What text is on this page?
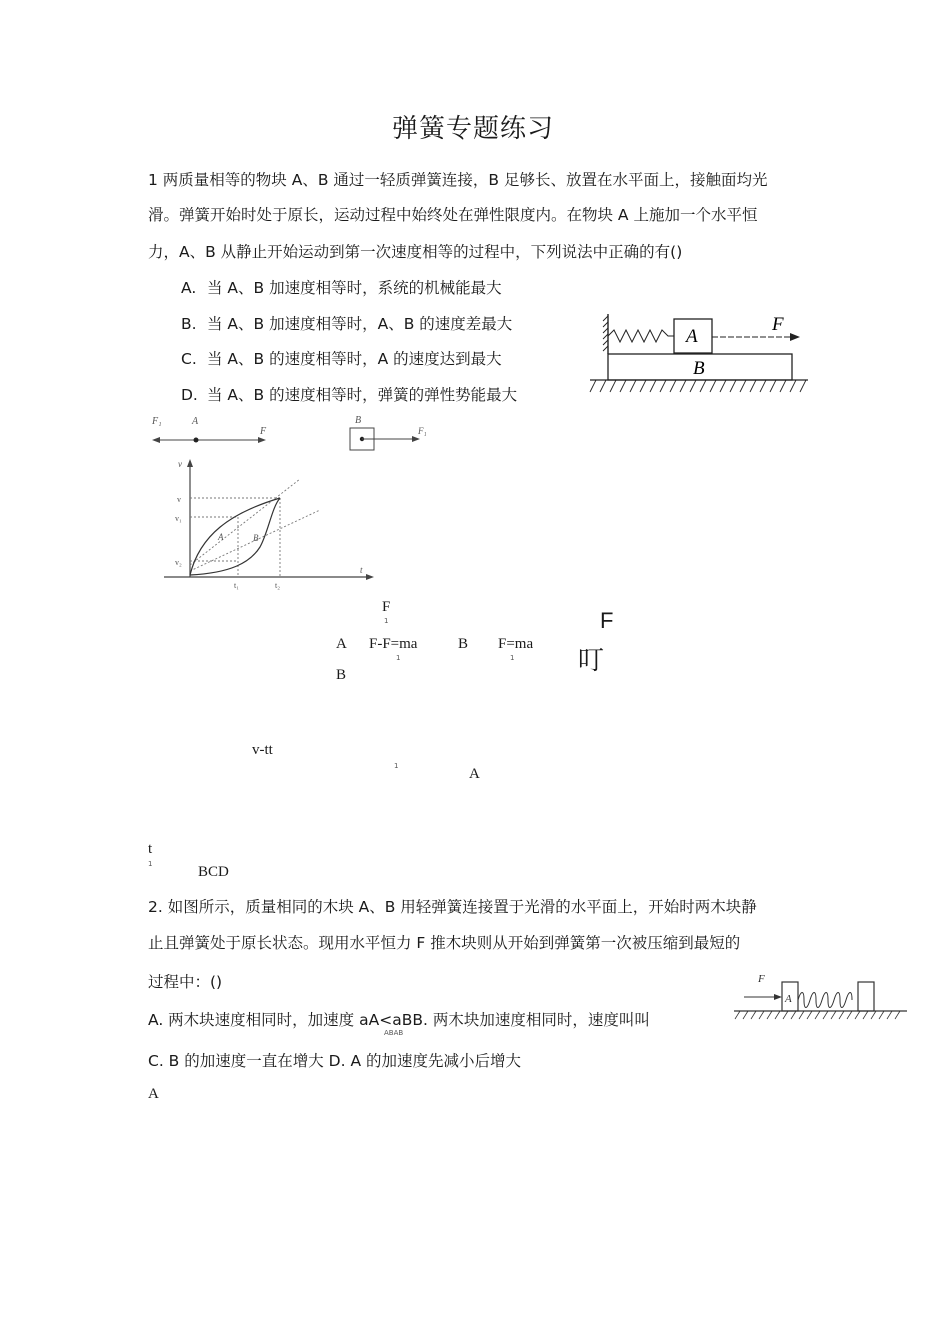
弹簧专题练习
1 两质量相等的物块 A、B 通过一轻质弹簧连接，B 足够长、放置在水平面上，接触面均光
滑。弹簧开始时处于原长，运动过程中始终处在弹性限度内。在物块 A 上施加一个水平恒
力，A、B 从静止开始运动到第一次速度相等的过程中，下列说法中正确的有()
A. 当 A、B 加速度相等时，系统的机械能最大
B. 当 A、B 加速度相等时，A、B 的速度差最大
C. 当 A、B 的速度相等时，A 的速度达到最大
D. 当 A、B 的速度相等时，弹簧的弹性势能最大
A
F
B
F₁	A
F
B
F₁
v
t
v
v₁
v₂
t₁	t₂
A	B
F
1
A F-F=ma
1
B F=ma
1
F
叮
B
v-tt
1	A
t
1	BCD
2. 如图所示，质量相同的木块 A、B 用轻弹簧连接置于光滑的水平面上，开始时两木块静
止且弹簧处于原长状态。现用水平恒力 F 推木块则从开始到弹簧第一次被压缩到最短的
过程中：()
A. 两木块速度相同时，加速度 aA<aBB. 两木块加速度相同时，速度叫叫
ABAB
C. B 的加速度一直在增大 D. A 的加速度先减小后增大
A
F
A
